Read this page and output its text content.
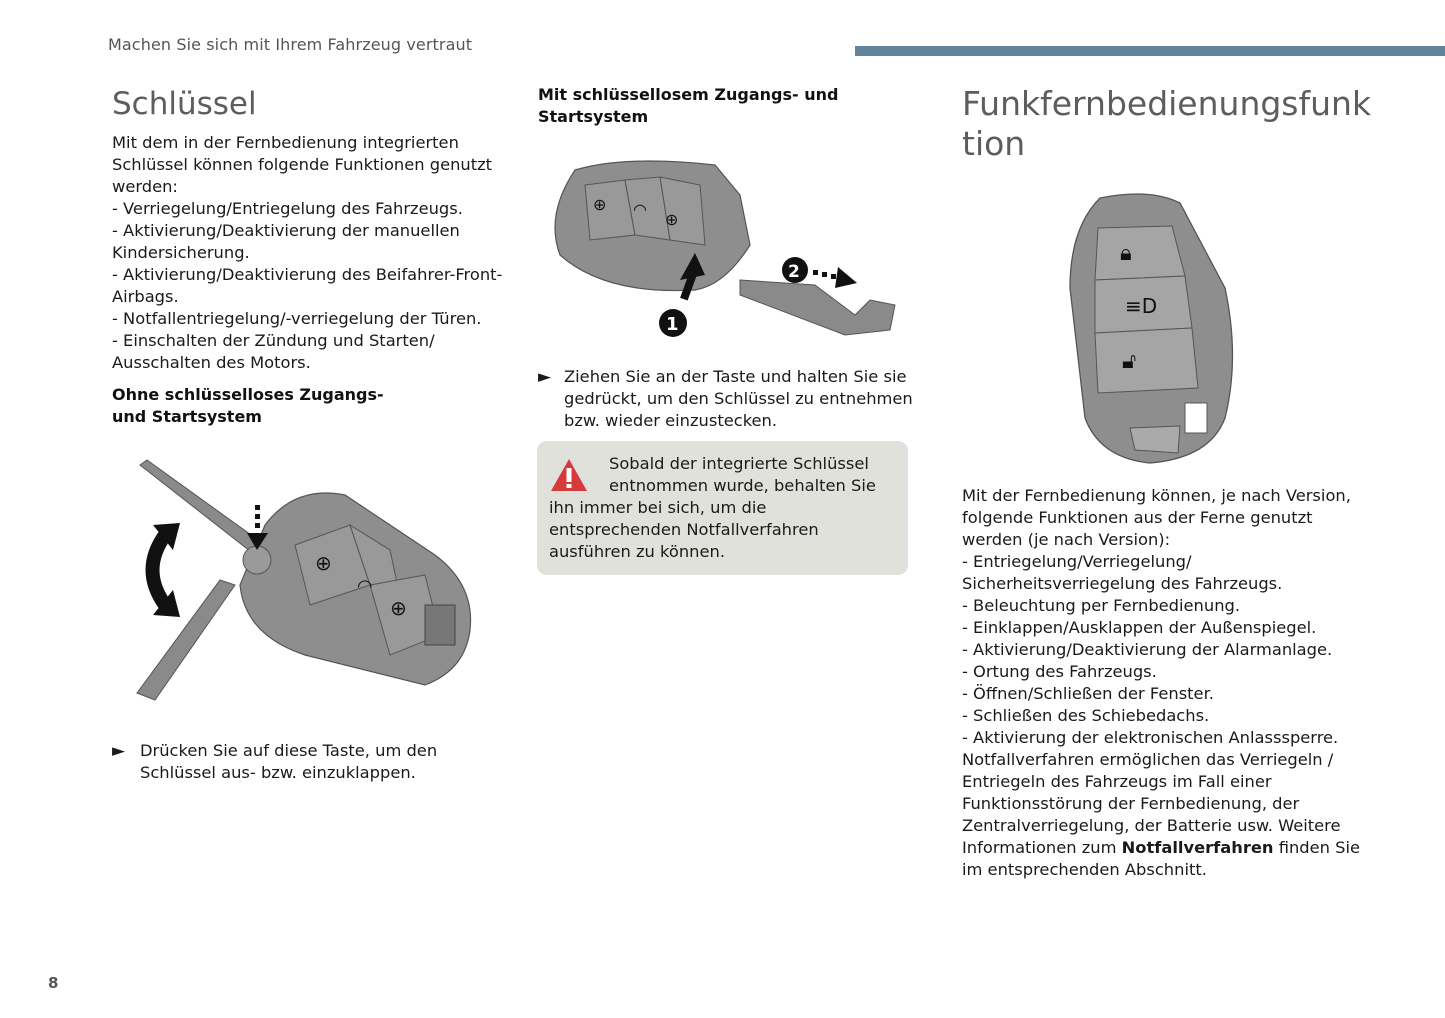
Machen Sie sich mit Ihrem Fahrzeug vertraut
Schlüssel

Mit dem in der Fernbedienung integrierten

Schlüssel können folgende Funktionen genutzt

werden:

- Verriegelung/Entriegelung des Fahrzeugs.

- Aktivierung/Deaktivierung der manuellen

Kindersicherung.

- Aktivierung/Deaktivierung des Beifahrer-Front-

Airbags.

- Notfallentriegelung/-verriegelung der Türen.

- Einschalten der Zündung und Starten/

Ausschalten des Motors.

Ohne schlüsselloses Zugangs- und Startsystem

⊕
◠
⊕
► Drücken Sie auf diese Taste, um den Schlüssel aus- bzw. einzuklappen.

Mit schlüssellosem Zugangs- und Startsystem

⊕ ◠
⊕
1
2
► Ziehen Sie an der Taste und halten Sie sie gedrückt, um den Schlüssel zu entnehmen bzw. wieder einzustecken.
Sobald der integrierte Schlüssel entnommen wurde, behalten Sie ihn immer bei sich, um die entsprechenden Notfallverfahren ausführen zu können.
Funkfernbedienungsfunk
tion
🔒︎
≡D
🔓︎

Mit der Fernbedienung können, je nach Version,

folgende Funktionen aus der Ferne genutzt

werden (je nach Version):

- Entriegelung/Verriegelung/

Sicherheitsverriegelung des Fahrzeugs.

- Beleuchtung per Fernbedienung.

- Einklappen/Ausklappen der Außenspiegel.

- Aktivierung/Deaktivierung der Alarmanlage.

- Ortung des Fahrzeugs.

- Öffnen/Schließen der Fenster.

- Schließen des Schiebedachs.

- Aktivierung der elektronischen Anlasssperre.

Notfallverfahren ermöglichen das Verriegeln /

Entriegeln des Fahrzeugs im Fall einer

Funktionsstörung der Fernbedienung, der

Zentralverriegelung, der Batterie usw. Weitere

Informationen zum Notfallverfahren finden Sie

im entsprechenden Abschnitt.

8
